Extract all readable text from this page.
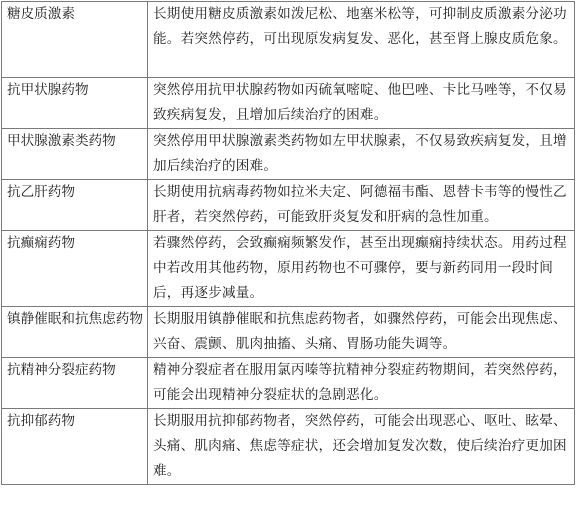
糖皮质激素	长期使用糖皮质激素如泼尼松、地塞米松等，可抑制皮质激素分泌功能。若突然停药，可出现原发病复发、恶化，甚至肾上腺皮质危象。
抗甲状腺药物	突然停用抗甲状腺药物如丙硫氧嘧啶、他巴唑、卡比马唑等，不仅易致疾病复发，且增加后续治疗的困难。
甲状腺激素类药物	突然停用甲状腺激素类药物如左甲状腺素，不仅易致疾病复发，且增加后续治疗的困难。
抗乙肝药物	长期使用抗病毒药物如拉米夫定、阿德福韦酯、恩替卡韦等的慢性乙肝者，若突然停药，可能致肝炎复发和肝病的急性加重。
抗癫痫药物	若骤然停药，会致癫痫频繁发作，甚至出现癫痫持续状态。用药过程中若改用其他药物，原用药物也不可骤停，要与新药同用一段时间后，再逐步减量。
镇静催眠和抗焦虑药物	长期服用镇静催眠和抗焦虑药物者，如骤然停药，可能会出现焦虑、兴奋、震颤、肌肉抽搐、头痛、胃肠功能失调等。
抗精神分裂症药物	精神分裂症者在服用氯丙嗪等抗精神分裂症药物期间，若突然停药，可能会出现精神分裂症状的急剧恶化。
抗抑郁药物	长期服用抗抑郁药物者，突然停药，可能会出现恶心、呕吐、眩晕、头痛、肌肉痛、焦虑等症状，还会增加复发次数，使后续治疗更加困难。
